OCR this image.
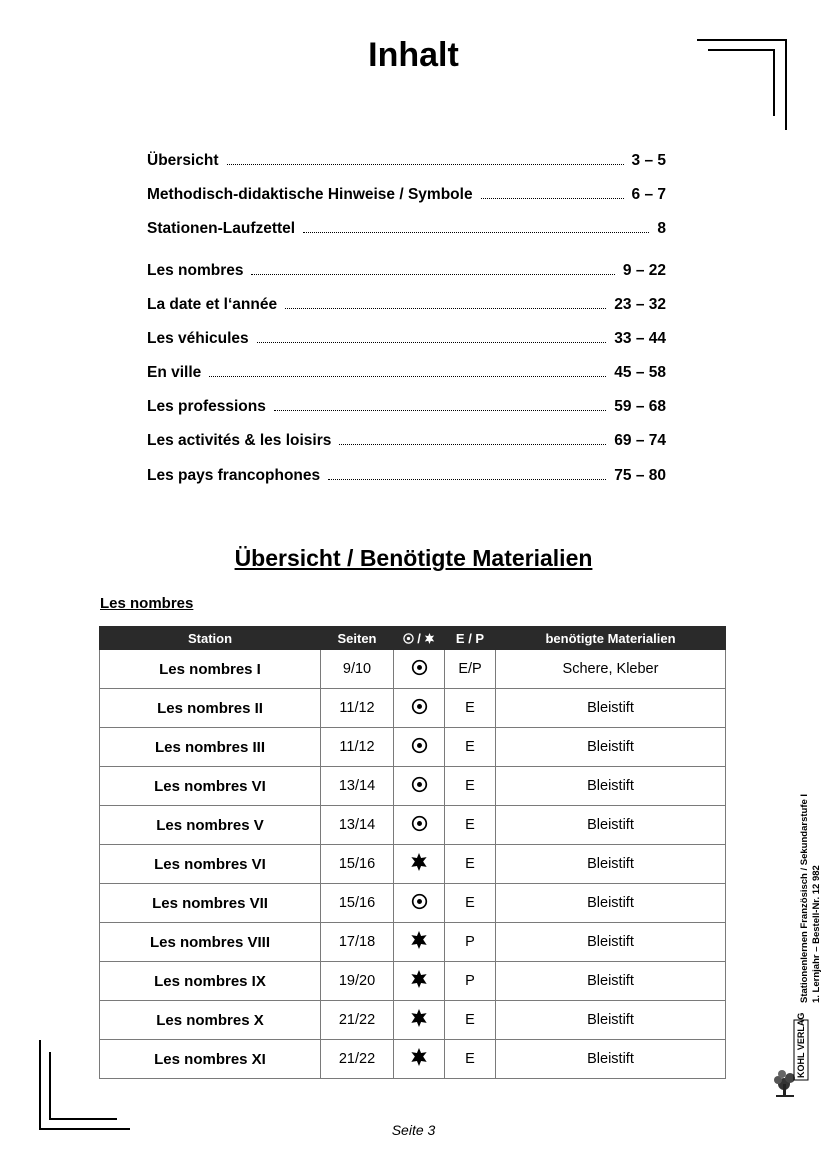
Inhalt
Übersicht	3 – 5
Methodisch-didaktische Hinweise / Symbole	6 – 7
Stationen-Laufzettel	8
Les nombres	9 – 22
La date et l‘année	23 – 32
Les véhicules	33 – 44
En ville	45 – 58
Les professions	59 – 68
Les activités & les loisirs	69 – 74
Les pays francophones	75 – 80
Übersicht / Benötigte Materialien
Les nombres
Station	Seiten	/	E / P	benötigte Materialien
Les nombres I	9/10		E/P	Schere, Kleber
Les nombres II	11/12		E	Bleistift
Les nombres III	11/12		E	Bleistift
Les nombres VI	13/14		E	Bleistift
Les nombres V	13/14		E	Bleistift
Les nombres VI	15/16		E	Bleistift
Les nombres VII	15/16		E	Bleistift
Les nombres VIII	17/18		P	Bleistift
Les nombres IX	19/20		P	Bleistift
Les nombres X	21/22		E	Bleistift
Les nombres XI	21/22		E	Bleistift
Stationenlernen Französisch / Sekundarstufe I 1. Lernjahr – Bestell-Nr. 12 982
KOHL VERLAG
Seite 3
